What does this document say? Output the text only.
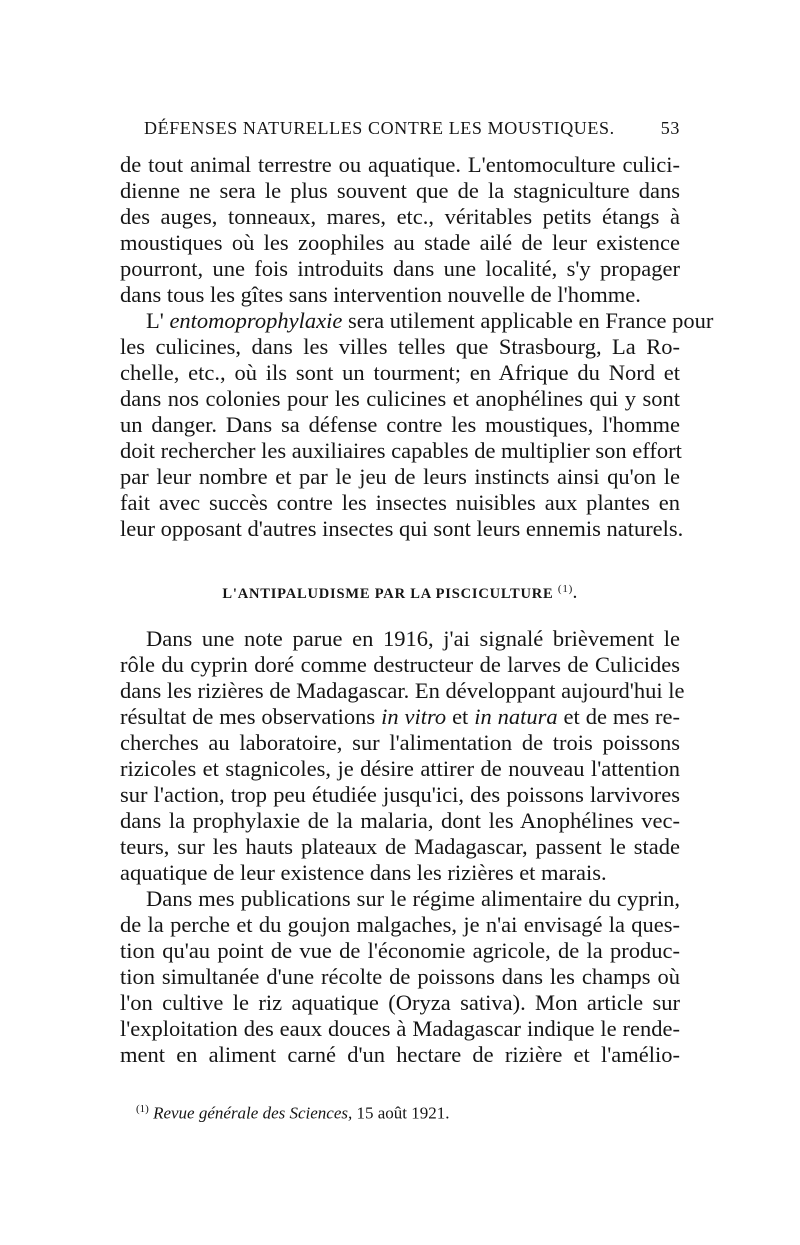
DÉFENSES NATURELLES CONTRE LES MOUSTIQUES.	53
de tout animal terrestre ou aquatique. L'entomoculture culici-
dienne ne sera le plus souvent que de la stagniculture dans
des auges, tonneaux, mares, etc., véritables petits étangs à
moustiques où les zoophiles au stade ailé de leur existence
pourront, une fois introduits dans une localité, s'y propager
dans tous les gîtes sans intervention nouvelle de l'homme.
L' entomoprophylaxie sera utilement applicable en France pour
les culicines, dans les villes telles que Strasbourg, La Ro-
chelle, etc., où ils sont un tourment; en Afrique du Nord et
dans nos colonies pour les culicines et anophélines qui y sont
un danger. Dans sa défense contre les moustiques, l'homme
doit rechercher les auxiliaires capables de multiplier son effort
par leur nombre et par le jeu de leurs instincts ainsi qu'on le
fait avec succès contre les insectes nuisibles aux plantes en
leur opposant d'autres insectes qui sont leurs ennemis naturels.
L'ANTIPALUDISME PAR LA PISCICULTURE $^{(1)}$.
Dans une note parue en 1916, j'ai signalé brièvement le
rôle du cyprin doré comme destructeur de larves de Culicides
dans les rizières de Madagascar. En développant aujourd'hui le
résultat de mes observations in vitro et in natura et de mes re-
cherches au laboratoire, sur l'alimentation de trois poissons
rizicoles et stagnicoles, je désire attirer de nouveau l'attention
sur l'action, trop peu étudiée jusqu'ici, des poissons larvivores
dans la prophylaxie de la malaria, dont les Anophélines vec-
teurs, sur les hauts plateaux de Madagascar, passent le stade
aquatique de leur existence dans les rizières et marais.
Dans mes publications sur le régime alimentaire du cyprin,
de la perche et du goujon malgaches, je n'ai envisagé la ques-
tion qu'au point de vue de l'économie agricole, de la produc-
tion simultanée d'une récolte de poissons dans les champs où
l'on cultive le riz aquatique (Oryza sativa). Mon article sur
l'exploitation des eaux douces à Madagascar indique le rende-
ment en aliment carné d'un hectare de rizière et l'amélio-
$^{(1)}$ Revue générale des Sciences, 15 août 1921.
